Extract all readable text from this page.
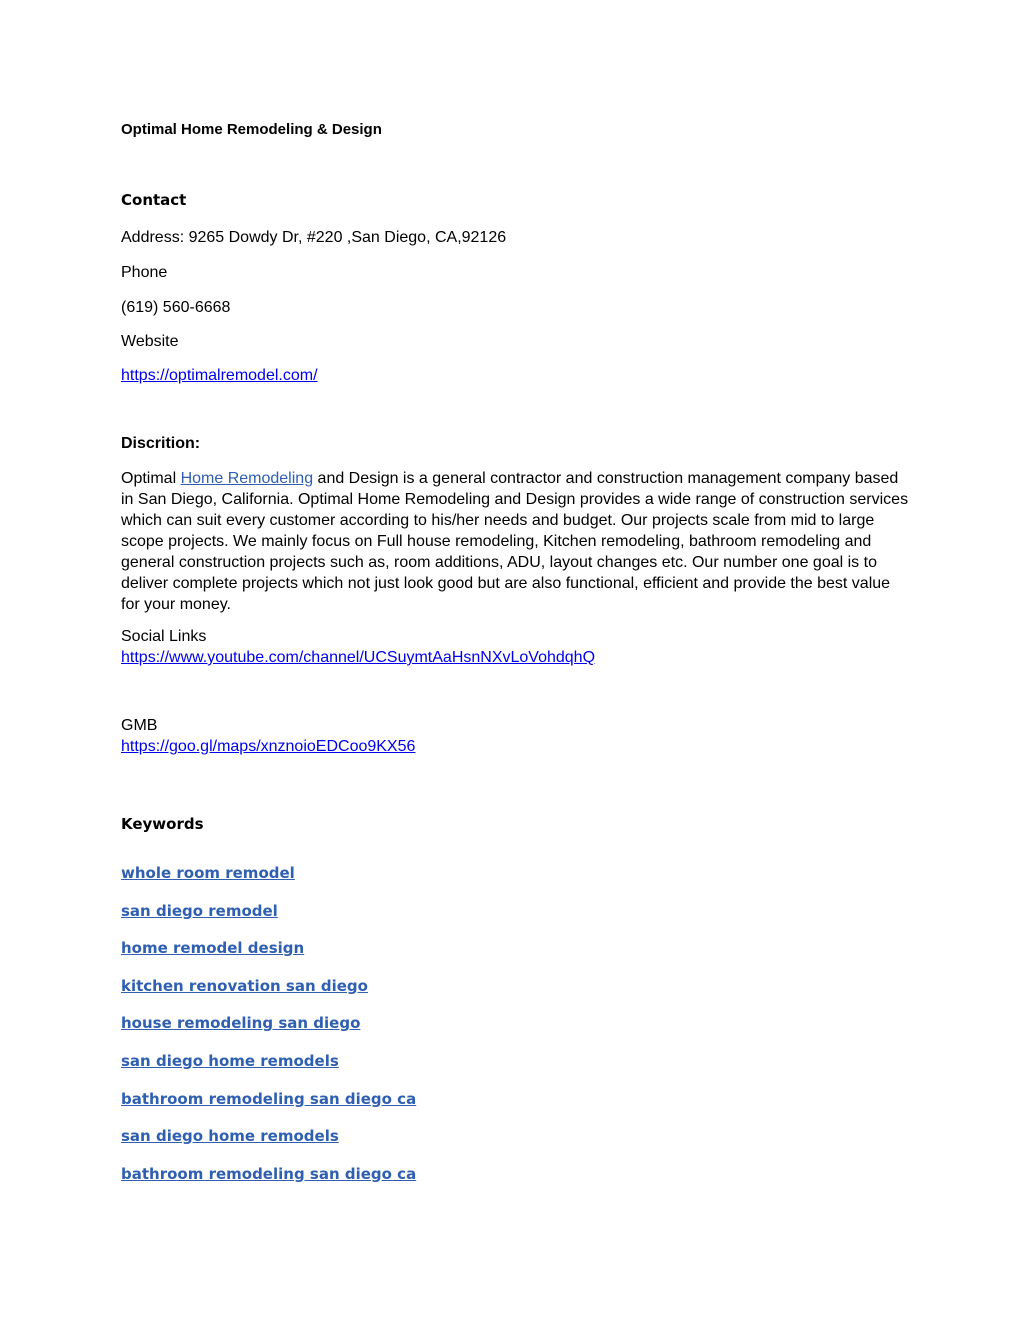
Optimal Home Remodeling & Design

Contact

Address: 9265 Dowdy Dr, #220 ,San Diego, CA,92126

Phone

(619) 560-6668

Website

https://optimalremodel.com/

Discrition:

Optimal Home Remodeling and Design is a general contractor and construction management company based in San Diego, California. Optimal Home Remodeling and Design provides a wide range of construction services which can suit every customer according to his/her needs and budget. Our projects scale from mid to large scope projects. We mainly focus on Full house remodeling, Kitchen remodeling, bathroom remodeling and general construction projects such as, room additions, ADU, layout changes etc. Our number one goal is to deliver complete projects which not just look good but are also functional, efficient and provide the best value for your money.

Social Links

https://www.youtube.com/channel/UCSuymtAaHsnNXvLoVohdqhQ

GMB

https://goo.gl/maps/xnznoioEDCoo9KX56

Keywords

whole room remodel

san diego remodel

home remodel design

kitchen renovation san diego

house remodeling san diego

san diego home remodels

bathroom remodeling san diego ca

san diego home remodels

bathroom remodeling san diego ca
